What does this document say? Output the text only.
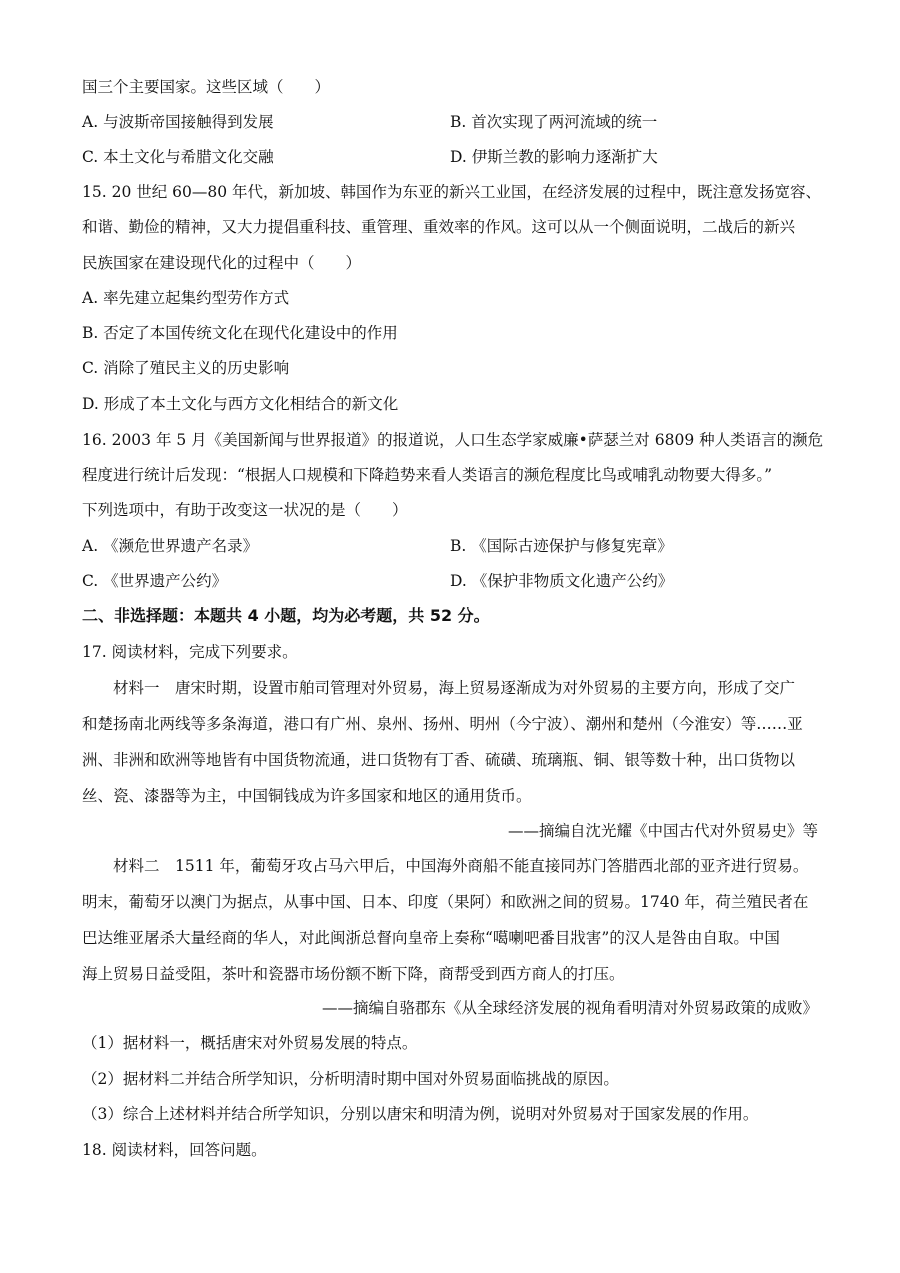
国三个主要国家。这些区域（　　）
A. 与波斯帝国接触得到发展	B. 首次实现了两河流域的统一
C. 本土文化与希腊文化交融	D. 伊斯兰教的影响力逐渐扩大
15. 20 世纪 60—80 年代，新加坡、韩国作为东亚的新兴工业国，在经济发展的过程中，既注意发扬宽容、
和谐、勤俭的精神，又大力提倡重科技、重管理、重效率的作风。这可以从一个侧面说明，二战后的新兴
民族国家在建设现代化的过程中（　　）
A. 率先建立起集约型劳作方式
B. 否定了本国传统文化在现代化建设中的作用
C. 消除了殖民主义的历史影响
D. 形成了本土文化与西方文化相结合的新文化
16. 2003 年 5 月《美国新闻与世界报道》的报道说，人口生态学家威廉•萨瑟兰对 6809 种人类语言的濒危
程度进行统计后发现：“根据人口规模和下降趋势来看人类语言的濒危程度比鸟或哺乳动物要大得多。”
下列选项中，有助于改变这一状况的是（　　）
A. 《濒危世界遗产名录》	B. 《国际古迹保护与修复宪章》
C. 《世界遗产公约》	D. 《保护非物质文化遗产公约》
二、非选择题：本题共 4 小题，均为必考题，共 52 分。
17. 阅读材料，完成下列要求。
　　材料一　唐宋时期，设置市舶司管理对外贸易，海上贸易逐渐成为对外贸易的主要方向，形成了交广
和楚扬南北两线等多条海道，港口有广州、泉州、扬州、明州（今宁波）、潮州和楚州（今淮安）等……亚
洲、非洲和欧洲等地皆有中国货物流通，进口货物有丁香、硫磺、琉璃瓶、铜、银等数十种，出口货物以
丝、瓷、漆器等为主，中国铜钱成为许多国家和地区的通用货币。
——摘编自沈光耀《中国古代对外贸易史》等
　　材料二　1511 年，葡萄牙攻占马六甲后，中国海外商船不能直接同苏门答腊西北部的亚齐进行贸易。
明末，葡萄牙以澳门为据点，从事中国、日本、印度（果阿）和欧洲之间的贸易。1740 年，荷兰殖民者在
巴达维亚屠杀大量经商的华人，对此闽浙总督向皇帝上奏称“噶喇吧番目戕害”的汉人是咎由自取。中国
海上贸易日益受阻，茶叶和瓷器市场份额不断下降，商帮受到西方商人的打压。
——摘编自骆郡东《从全球经济发展的视角看明清对外贸易政策的成败》
（1）据材料一，概括唐宋对外贸易发展的特点。
（2）据材料二并结合所学知识，分析明清时期中国对外贸易面临挑战的原因。
（3）综合上述材料并结合所学知识，分别以唐宋和明清为例，说明对外贸易对于国家发展的作用。
18. 阅读材料，回答问题。
